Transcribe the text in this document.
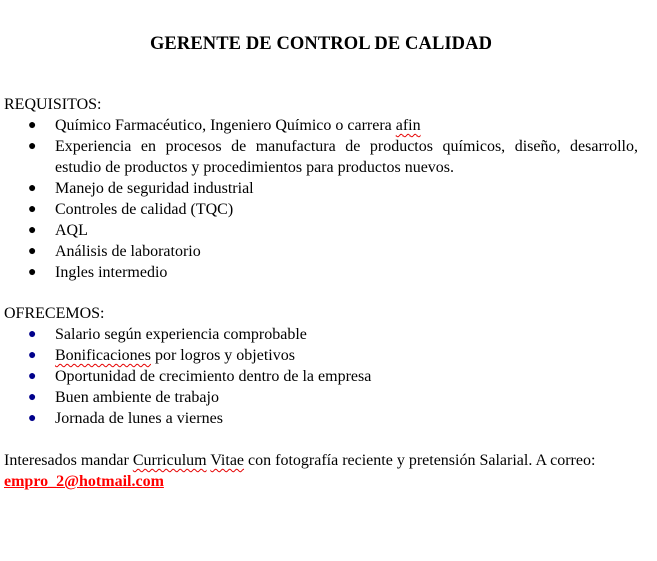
GERENTE DE CONTROL DE CALIDAD

REQUISITOS:

● Químico Farmacéutico, Ingeniero Químico o carrera afin
● Experiencia en procesos de manufactura de productos químicos, diseño, desarrollo, estudio de productos y procedimientos para productos nuevos.
● Manejo de seguridad industrial
● Controles de calidad (TQC)
● AQL
● Análisis de laboratorio
● Ingles intermedio

OFRECEMOS:

● Salario según experiencia comprobable
● Bonificaciones por logros y objetivos
● Oportunidad de crecimiento dentro de la empresa
● Buen ambiente de trabajo
● Jornada de lunes a viernes

Interesados mandar Curriculum Vitae con fotografía reciente y pretensión Salarial. A correo: empro_2@hotmail.com
